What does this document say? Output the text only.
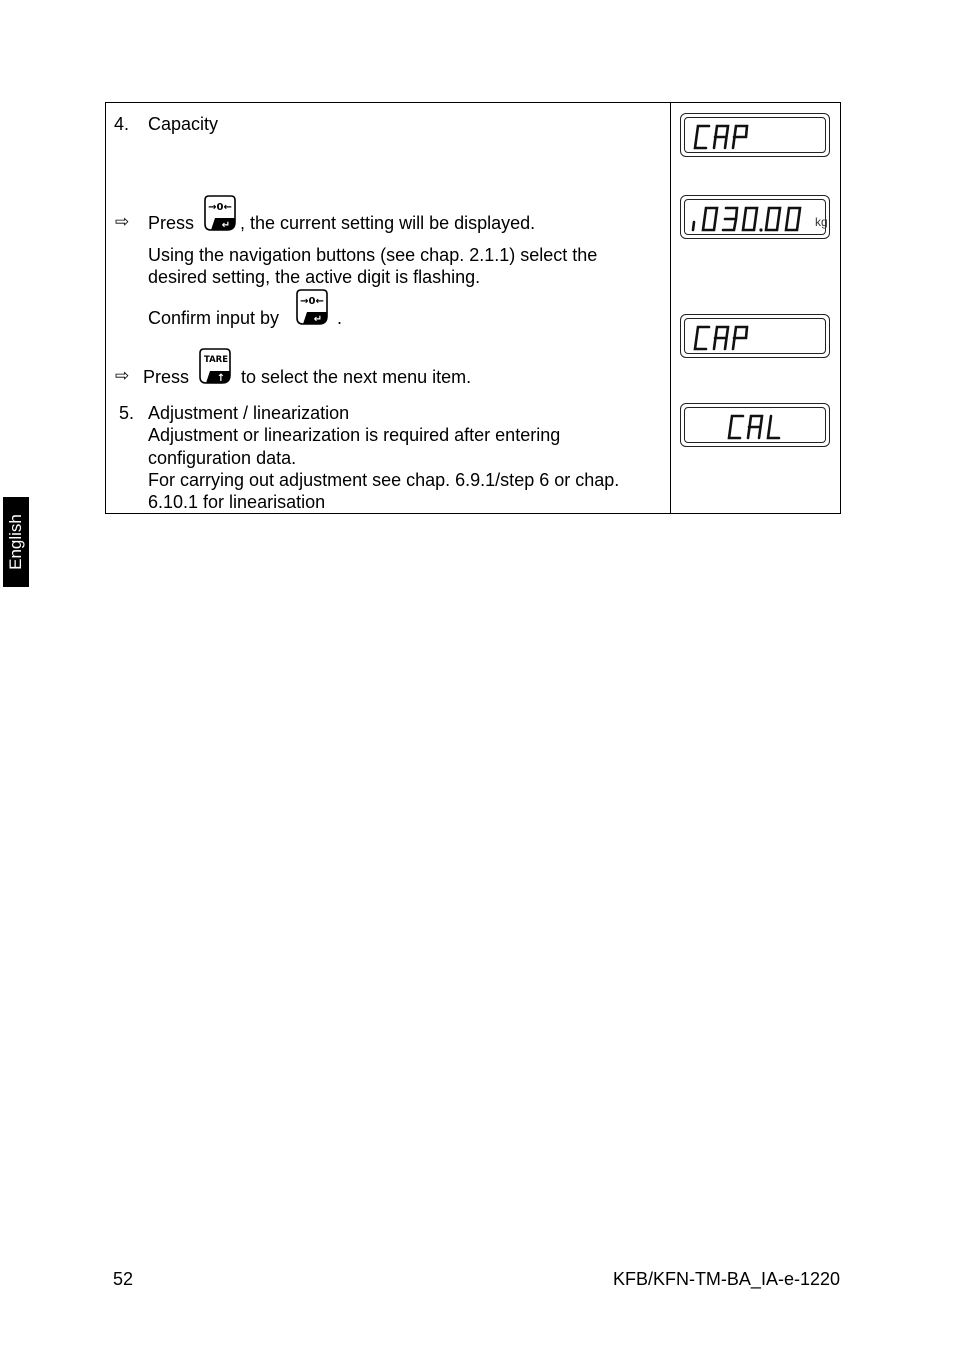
English
4. Capacity
⇨ Press
→0←
↵ , the current setting will be displayed.
Using the navigation buttons (see chap. 2.1.1) select the
desired setting, the active digit is flashing.
Confirm input by
→0←
↵ .
⇨ Press
TARE
↑ to select the next menu item.
5. Adjustment / linearization
Adjustment or linearization is required after entering
configuration data.
For carrying out adjustment see chap. 6.9.1/step 6 or chap.
6.10.1 for linearisation
kg
52	KFB/KFN-TM-BA_IA-e-1220
